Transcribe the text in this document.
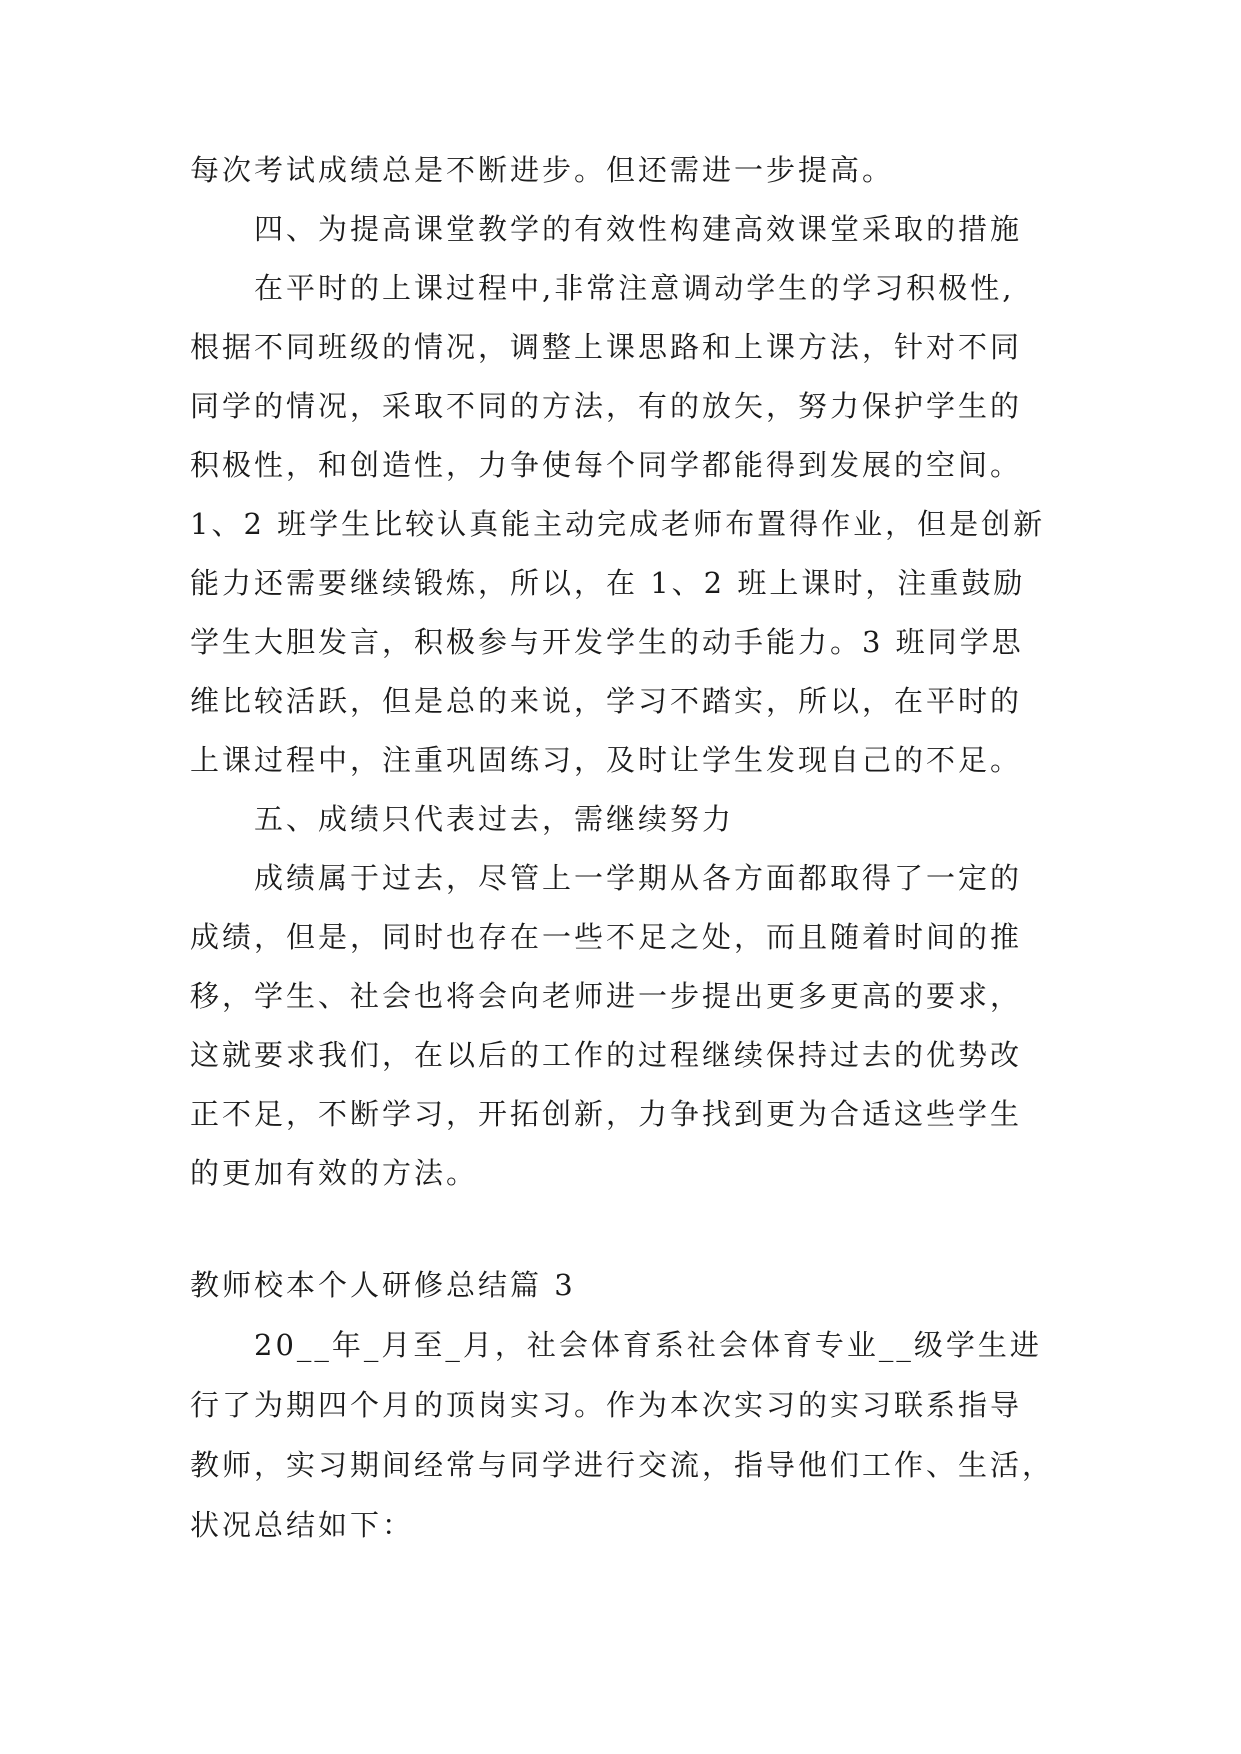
每次考试成绩总是不断进步。但还需进一步提高。
四、为提高课堂教学的有效性构建高效课堂采取的措施
在平时的上课过程中,非常注意调动学生的学习积极性,
根据不同班级的情况，调整上课思路和上课方法，针对不同
同学的情况，采取不同的方法，有的放矢，努力保护学生的
积极性，和创造性，力争使每个同学都能得到发展的空间。
1、2 班学生比较认真能主动完成老师布置得作业，但是创新
能力还需要继续锻炼，所以，在 1、2 班上课时，注重鼓励
学生大胆发言，积极参与开发学生的动手能力。3 班同学思
维比较活跃，但是总的来说，学习不踏实，所以，在平时的
上课过程中，注重巩固练习，及时让学生发现自己的不足。
五、成绩只代表过去，需继续努力
成绩属于过去，尽管上一学期从各方面都取得了一定的
成绩，但是，同时也存在一些不足之处，而且随着时间的推
移，学生、社会也将会向老师进一步提出更多更高的要求，
这就要求我们，在以后的工作的过程继续保持过去的优势改
正不足，不断学习，开拓创新，力争找到更为合适这些学生
的更加有效的方法。
教师校本个人研修总结篇 3
20__年_月至_月，社会体育系社会体育专业__级学生进
行了为期四个月的顶岗实习。作为本次实习的实习联系指导
教师，实习期间经常与同学进行交流，指导他们工作、生活，
状况总结如下：
